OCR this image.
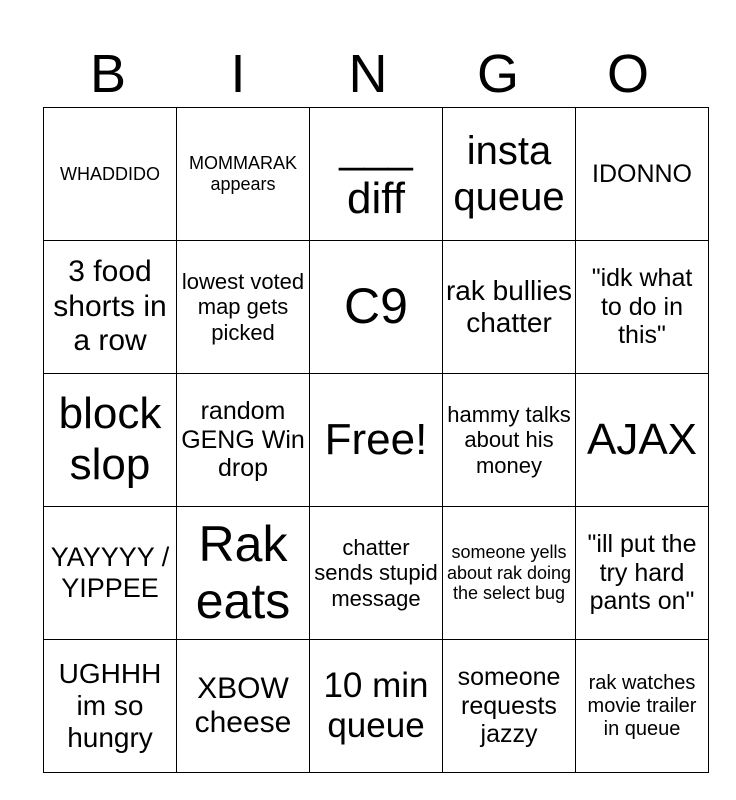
B	I	N	G	O
WHADDIDO	MOMMARAK appears	___ diff	insta queue	IDONNO
3 food shorts in a row	lowest voted map gets picked	C9	rak bullies chatter	"idk what to do in this"
block slop	random GENG Win drop	Free!	hammy talks about his money	AJAX
YAYYYY / YIPPEE	Rak eats	chatter sends stupid message	someone yells about rak doing the select bug	"ill put the try hard pants on"
UGHHH im so hungry	XBOW cheese	10 min queue	someone requests jazzy	rak watches movie trailer in queue
